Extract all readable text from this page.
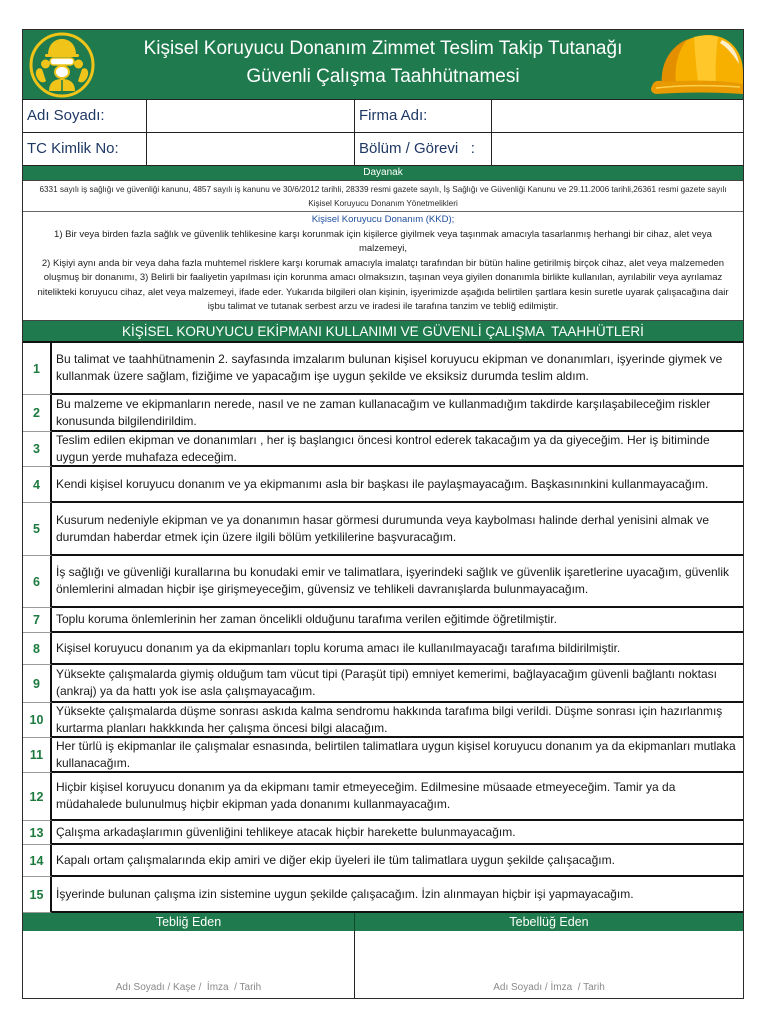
Kişisel Koruyucu Donanım Zimmet Teslim Takip Tutanağı
Güvenli Çalışma Taahhütnamesi
Adı Soyadı:	Firma Adı:
TC Kimlik No:	Bölüm / Görevi   :
Dayanak
6331 sayılı iş sağlığı ve güvenliği kanunu, 4857 sayılı iş kanunu ve 30/6/2012 tarihli, 28339 resmi gazete sayılı, İş Sağlığı ve Güvenliği Kanunu ve 29.11.2006 tarihli,26361 resmi gazete sayılı Kişisel Koruyucu Donanım Yönetmelikleri
Kişisel Koruyucu Donanım (KKD);
1) Bir veya birden fazla sağlık ve güvenlik tehlikesine karşı korunmak için kişilerce giyilmek veya taşınmak amacıyla tasarlanmış herhangi bir cihaz, alet veya malzemeyi,
2) Kişiyi aynı anda bir veya daha fazla muhtemel risklere karşı korumak amacıyla imalatçı tarafından bir bütün haline getirilmiş birçok cihaz, alet veya malzemeden oluşmuş bir donanımı, 3) Belirli bir faaliyetin yapılması için korunma amacı olmaksızın, taşınan veya giyilen donanımla birlikte kullanılan, ayrılabilir veya ayrılamaz nitelikteki koruyucu cihaz, alet veya malzemeyi, ifade eder. Yukarıda bilgileri olan kişinin, işyerimizde aşağıda belirtilen şartlara kesin suretle uyarak çalışacağına dair işbu talimat ve tutanak serbest arzu ve iradesi ile tarafına tanzim ve tebliğ edilmiştir.
KİŞİSEL KORUYUCU EKİPMANI KULLANIMI VE GÜVENLİ ÇALIŞMA  TAAHHÜTLERİ
1
Bu talimat ve taahhütnamenin 2. sayfasında imzalarım bulunan kişisel koruyucu ekipman ve donanımları, işyerinde giymek ve kullanmak üzere sağlam, fiziğime ve yapacağım işe uygun şekilde ve eksiksiz durumda teslim aldım.
2
Bu malzeme ve ekipmanların nerede, nasıl ve ne zaman kullanacağım ve kullanmadığım takdirde karşılaşabileceğim riskler konusunda bilgilendirildim.
3
Teslim edilen ekipman ve donanımları , her iş başlangıcı öncesi kontrol ederek takacağım ya da giyeceğim. Her iş bitiminde uygun yerde muhafaza edeceğim.
4	Kendi kişisel koruyucu donanım ve ya ekipmanımı asla bir başkası ile paylaşmayacağım. Başkasınınkini kullanmayacağım.
5
Kusurum nedeniyle ekipman ve ya donanımın hasar görmesi durumunda veya kaybolması halinde derhal yenisini almak ve durumdan haberdar etmek için üzere ilgili bölüm yetkililerine başvuracağım.
6
İş sağlığı ve güvenliği kurallarına bu konudaki emir ve talimatlara, işyerindeki sağlık ve güvenlik işaretlerine uyacağım, güvenlik önlemlerini almadan hiçbir işe girişmeyeceğim, güvensiz ve tehlikeli davranışlarda bulunmayacağım.
7	Toplu koruma önlemlerinin her zaman öncelikli olduğunu tarafıma verilen eğitimde öğretilmiştir.
8	Kişisel koruyucu donanım ya da ekipmanları toplu koruma amacı ile kullanılmayacağı tarafıma bildirilmiştir.
9
Yüksekte çalışmalarda giymiş olduğum tam vücut tipi (Paraşüt tipi) emniyet kemerimi, bağlayacağım güvenli bağlantı noktası (ankraj) ya da hattı yok ise asla çalışmayacağım.
10
Yüksekte çalışmalarda düşme sonrası askıda kalma sendromu hakkında tarafıma bilgi verildi. Düşme sonrası için hazırlanmış kurtarma planları hakkkında her çalışma öncesi bilgi alacağım.
11
Her türlü iş ekipmanlar ile çalışmalar esnasında, belirtilen talimatlara uygun kişisel koruyucu donanım ya da ekipmanları mutlaka kullanacağım.
12
Hiçbir kişisel koruyucu donanım ya da ekipmanı tamir etmeyeceğim. Edilmesine müsaade etmeyeceğim. Tamir ya da müdahalede bulunulmuş hiçbir ekipman yada donanımı kullanmayacağım.
13	Çalışma arkadaşlarımın güvenliğini tehlikeye atacak hiçbir harekette bulunmayacağım.
14	Kapalı ortam çalışmalarında ekip amiri ve diğer ekip üyeleri ile tüm talimatlara uygun şekilde çalışacağım.
15	İşyerinde bulunan çalışma izin sistemine uygun şekilde çalışacağım. İzin alınmayan hiçbir işi yapmayacağım.
Tebliğ Eden	Tebellüğ Eden
Adı Soyadı / Kaşe /  İmza  / Tarih	Adı Soyadı / İmza  / Tarih
